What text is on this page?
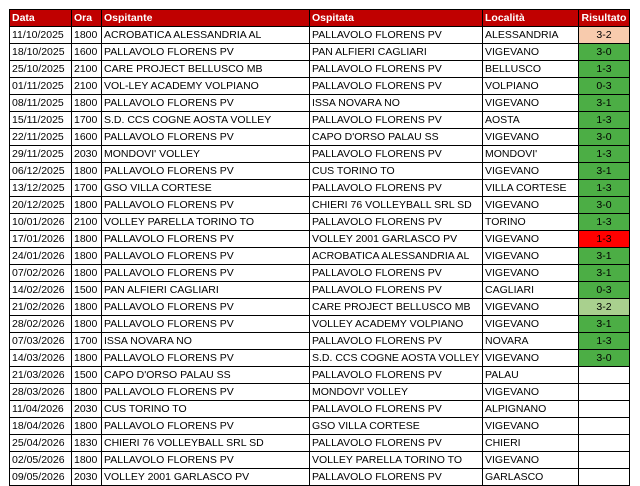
Data	Ora	Ospitante	Ospitata	Località	Risultato
11/10/2025	1800	ACROBATICA ALESSANDRIA AL	PALLAVOLO FLORENS PV	ALESSANDRIA	3-2
18/10/2025	1600	PALLAVOLO FLORENS PV	PAN ALFIERI CAGLIARI	VIGEVANO	3-0
25/10/2025	2100	CARE PROJECT BELLUSCO MB	PALLAVOLO FLORENS PV	BELLUSCO	1-3
01/11/2025	2100	VOL-LEY ACADEMY VOLPIANO	PALLAVOLO FLORENS PV	VOLPIANO	0-3
08/11/2025	1800	PALLAVOLO FLORENS PV	ISSA NOVARA NO	VIGEVANO	3-1
15/11/2025	1700	S.D. CCS COGNE AOSTA VOLLEY	PALLAVOLO FLORENS PV	AOSTA	1-3
22/11/2025	1600	PALLAVOLO FLORENS PV	CAPO D'ORSO PALAU SS	VIGEVANO	3-0
29/11/2025	2030	MONDOVI' VOLLEY	PALLAVOLO FLORENS PV	MONDOVI'	1-3
06/12/2025	1800	PALLAVOLO FLORENS PV	CUS TORINO TO	VIGEVANO	3-1
13/12/2025	1700	GSO VILLA CORTESE	PALLAVOLO FLORENS PV	VILLA CORTESE	1-3
20/12/2025	1800	PALLAVOLO FLORENS PV	CHIERI 76 VOLLEYBALL SRL SD	VIGEVANO	3-0
10/01/2026	2100	VOLLEY PARELLA TORINO TO	PALLAVOLO FLORENS PV	TORINO	1-3
17/01/2026	1800	PALLAVOLO FLORENS PV	VOLLEY 2001 GARLASCO PV	VIGEVANO	1-3
24/01/2026	1800	PALLAVOLO FLORENS PV	ACROBATICA ALESSANDRIA AL	VIGEVANO	3-1
07/02/2026	1800	PALLAVOLO FLORENS PV	PALLAVOLO FLORENS PV	VIGEVANO	3-1
14/02/2026	1500	PAN ALFIERI CAGLIARI	PALLAVOLO FLORENS PV	CAGLIARI	0-3
21/02/2026	1800	PALLAVOLO FLORENS PV	CARE PROJECT BELLUSCO MB	VIGEVANO	3-2
28/02/2026	1800	PALLAVOLO FLORENS PV	VOLLEY ACADEMY VOLPIANO	VIGEVANO	3-1
07/03/2026	1700	ISSA NOVARA NO	PALLAVOLO FLORENS PV	NOVARA	1-3
14/03/2026	1800	PALLAVOLO FLORENS PV	S.D. CCS COGNE AOSTA VOLLEY	VIGEVANO	3-0
21/03/2026	1500	CAPO D'ORSO PALAU SS	PALLAVOLO FLORENS PV	PALAU	
28/03/2026	1800	PALLAVOLO FLORENS PV	MONDOVI' VOLLEY	VIGEVANO	
11/04/2026	2030	CUS TORINO TO	PALLAVOLO FLORENS PV	ALPIGNANO	
18/04/2026	1800	PALLAVOLO FLORENS PV	GSO VILLA CORTESE	VIGEVANO	
25/04/2026	1830	CHIERI 76 VOLLEYBALL SRL SD	PALLAVOLO FLORENS PV	CHIERI	
02/05/2026	1800	PALLAVOLO FLORENS PV	VOLLEY PARELLA TORINO TO	VIGEVANO	
09/05/2026	2030	VOLLEY 2001 GARLASCO PV	PALLAVOLO FLORENS PV	GARLASCO	
